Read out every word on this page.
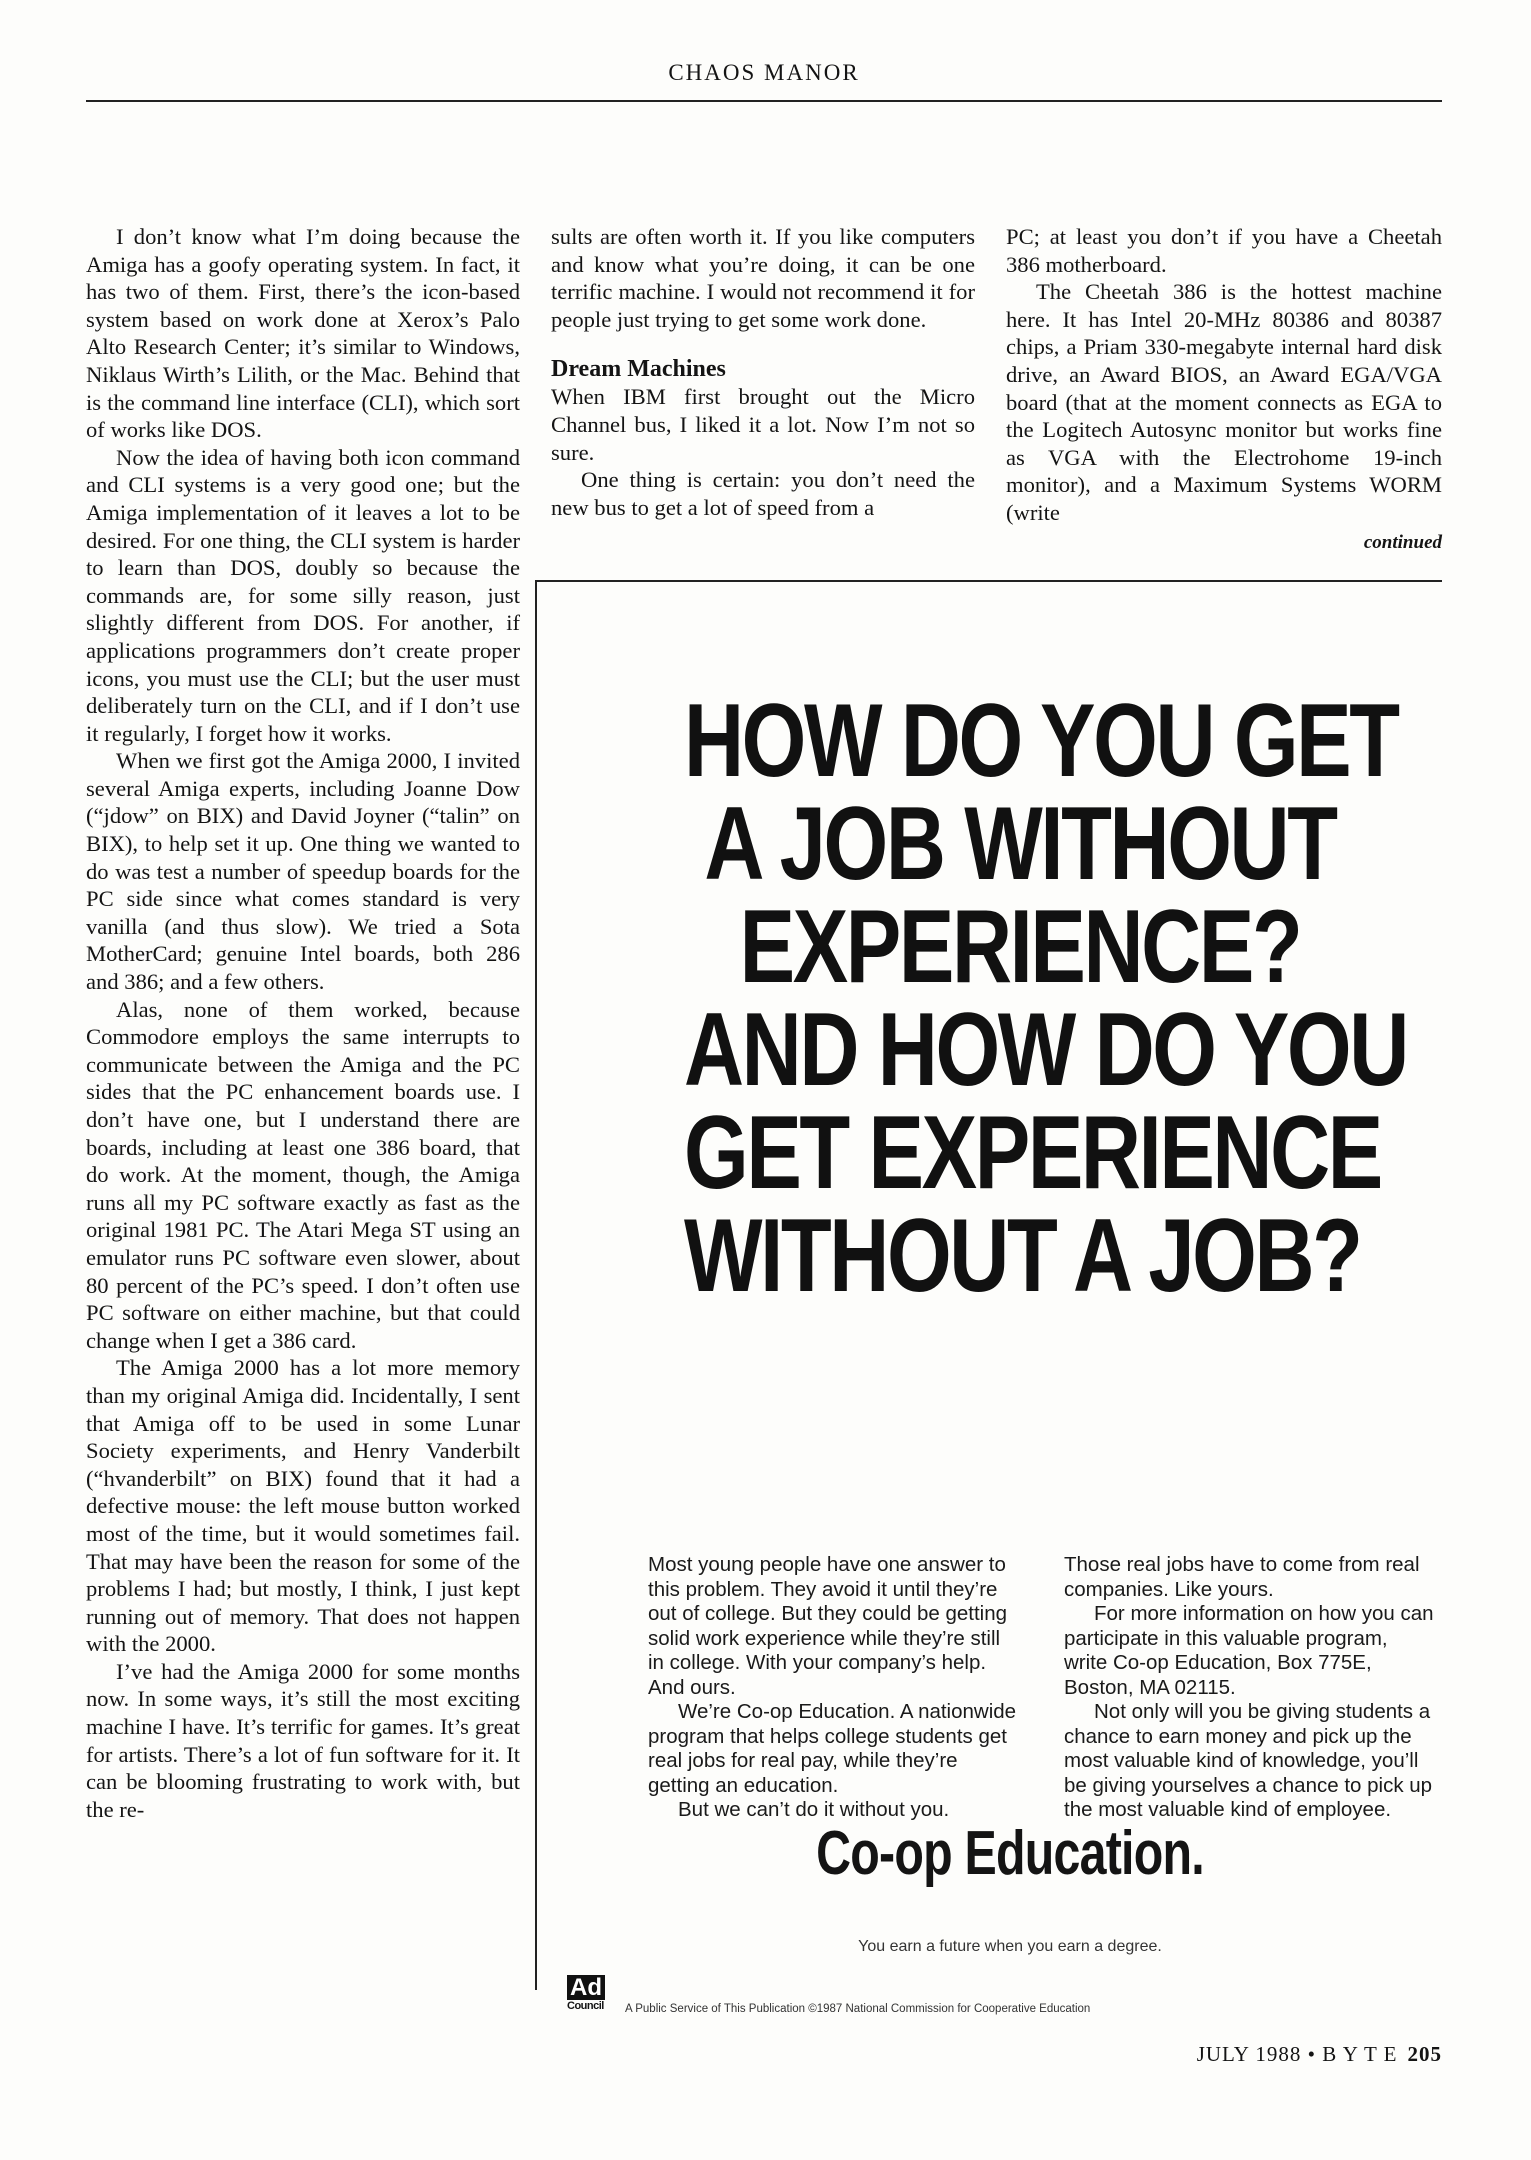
CHAOS MANOR

I don’t know what I’m doing because the Amiga has a goofy operating system. In fact, it has two of them. First, there’s the icon-based system based on work done at Xerox’s Palo Alto Research Center; it’s similar to Windows, Niklaus Wirth’s Lilith, or the Mac. Behind that is the command line interface (CLI), which sort of works like DOS.

Now the idea of having both icon command and CLI systems is a very good one; but the Amiga implementation of it leaves a lot to be desired. For one thing, the CLI system is harder to learn than DOS, doubly so because the commands are, for some silly reason, just slightly different from DOS. For another, if applications programmers don’t create proper icons, you must use the CLI; but the user must deliberately turn on the CLI, and if I don’t use it regularly, I forget how it works.

When we first got the Amiga 2000, I invited several Amiga experts, including Joanne Dow (“jdow” on BIX) and David Joyner (“talin” on BIX), to help set it up. One thing we wanted to do was test a number of speedup boards for the PC side since what comes standard is very vanilla (and thus slow). We tried a Sota MotherCard; genuine Intel boards, both 286 and 386; and a few others.

Alas, none of them worked, because Commodore employs the same interrupts to communicate between the Amiga and the PC sides that the PC enhancement boards use. I don’t have one, but I understand there are boards, including at least one 386 board, that do work. At the moment, though, the Amiga runs all my PC software exactly as fast as the original 1981 PC. The Atari Mega ST using an emulator runs PC software even slower, about 80 percent of the PC’s speed. I don’t often use PC software on either machine, but that could change when I get a 386 card.

The Amiga 2000 has a lot more memory than my original Amiga did. Incidentally, I sent that Amiga off to be used in some Lunar Society experiments, and Henry Vanderbilt (“hvanderbilt” on BIX) found that it had a defective mouse: the left mouse button worked most of the time, but it would sometimes fail. That may have been the reason for some of the problems I had; but mostly, I think, I just kept running out of memory. That does not happen with the 2000.

I’ve had the Amiga 2000 for some months now. In some ways, it’s still the most exciting machine I have. It’s terrific for games. It’s great for artists. There’s a lot of fun software for it. It can be blooming frustrating to work with, but the re-

sults are often worth it. If you like computers and know what you’re doing, it can be one terrific machine. I would not recommend it for people just trying to get some work done.

Dream Machines

When IBM first brought out the Micro Channel bus, I liked it a lot. Now I’m not so sure.

One thing is certain: you don’t need the new bus to get a lot of speed from a

PC; at least you don’t if you have a Cheetah 386 motherboard.

The Cheetah 386 is the hottest machine here. It has Intel 20-MHz 80386 and 80387 chips, a Priam 330-megabyte internal hard disk drive, an Award BIOS, an Award EGA/VGA board (that at the moment connects as EGA to the Logitech Autosync monitor but works fine as VGA with the Electrohome 19-inch monitor), and a Maximum Systems WORM (write

continued
HOW DO YOU GET
A JOB WITHOUT
EXPERIENCE?
AND HOW DO YOU
GET EXPERIENCE
WITHOUT A JOB?

Most young people have one answer to this problem. They avoid it until they’re out of college. But they could be getting solid work experience while they’re still in college. With your company’s help. And ours.

We’re Co-op Education. A nationwide program that helps college students get real jobs for real pay, while they’re getting an education.

But we can’t do it without you.

Those real jobs have to come from real companies. Like yours.

For more information on how you can participate in this valuable program, write Co-op Education, Box 775E, Boston, MA 02115.

Not only will you be giving students a chance to earn money and pick up the most valuable kind of knowledge, you’ll be giving yourselves a chance to pick up the most valuable kind of employee.

Co-op Education.
You earn a future when you earn a degree.
Ad
Council	A Public Service of This Publication ©1987 National Commission for Cooperative Education
JULY 1988 • B Y T E 205
